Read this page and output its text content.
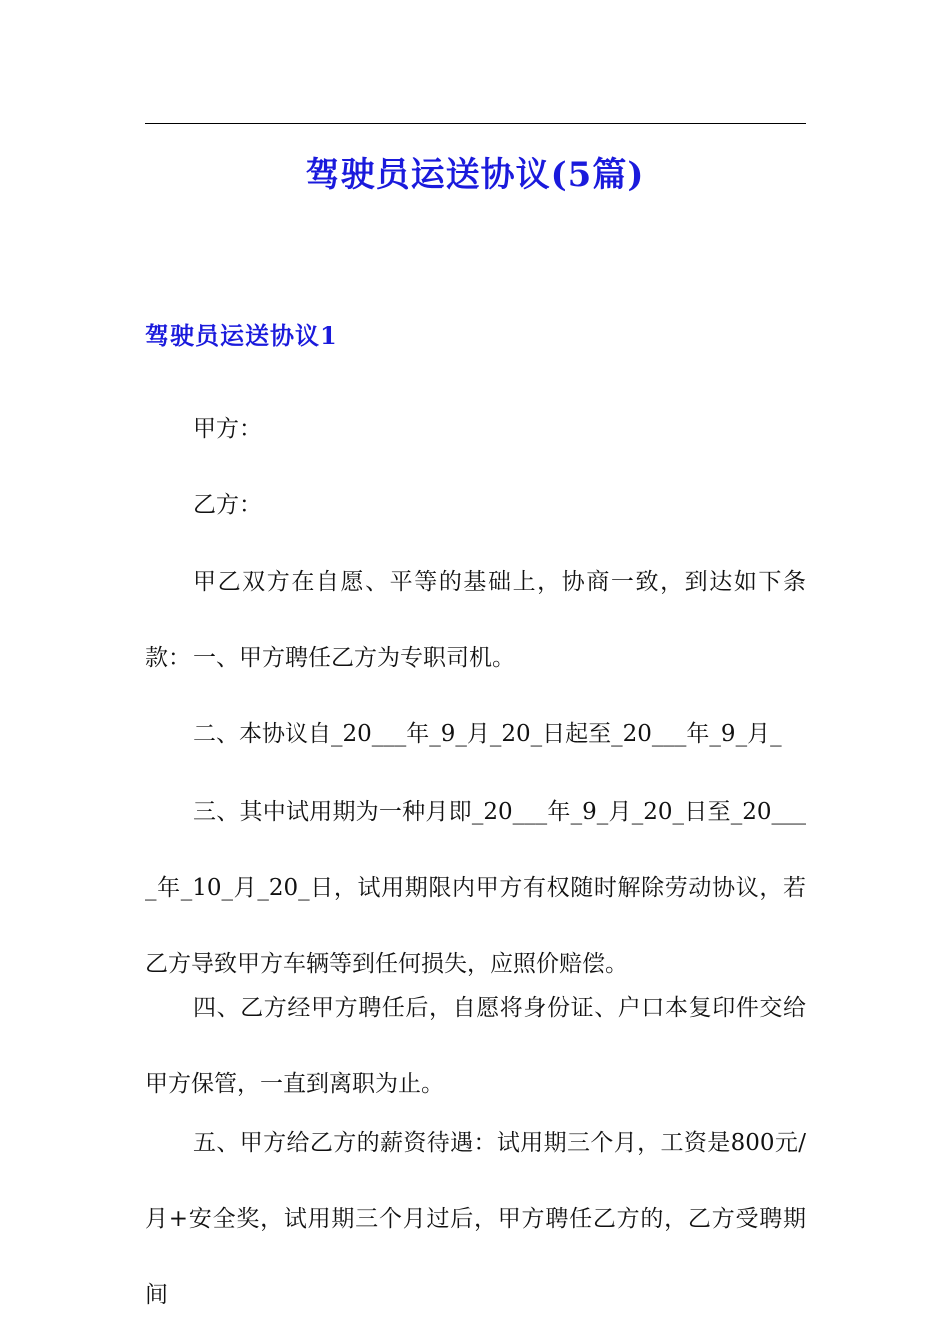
驾驶员运送协议(5篇)
驾驶员运送协议1

甲方：

乙方：

甲乙双方在自愿、平等的基础上，协商一致，到达如下条款： 一、甲方聘任乙方为专职司机。

二、本协议自_20___年_9_月_20_日起至_20___年_9_月_

三、其中试用期为一种月即_20___年_9_月_20_日至_20____年_10_月_20_日，试用期限内甲方有权随时解除劳动协议，若乙方导致甲方车辆等到任何损失，应照价赔偿。

四、乙方经甲方聘任后，自愿将身份证、户口本复印件交给甲方保管，一直到离职为止。

五、甲方给乙方的薪资待遇：试用期三个月，工资是800元/月+安全奖，试用期三个月过后，甲方聘任乙方的，乙方受聘期间
